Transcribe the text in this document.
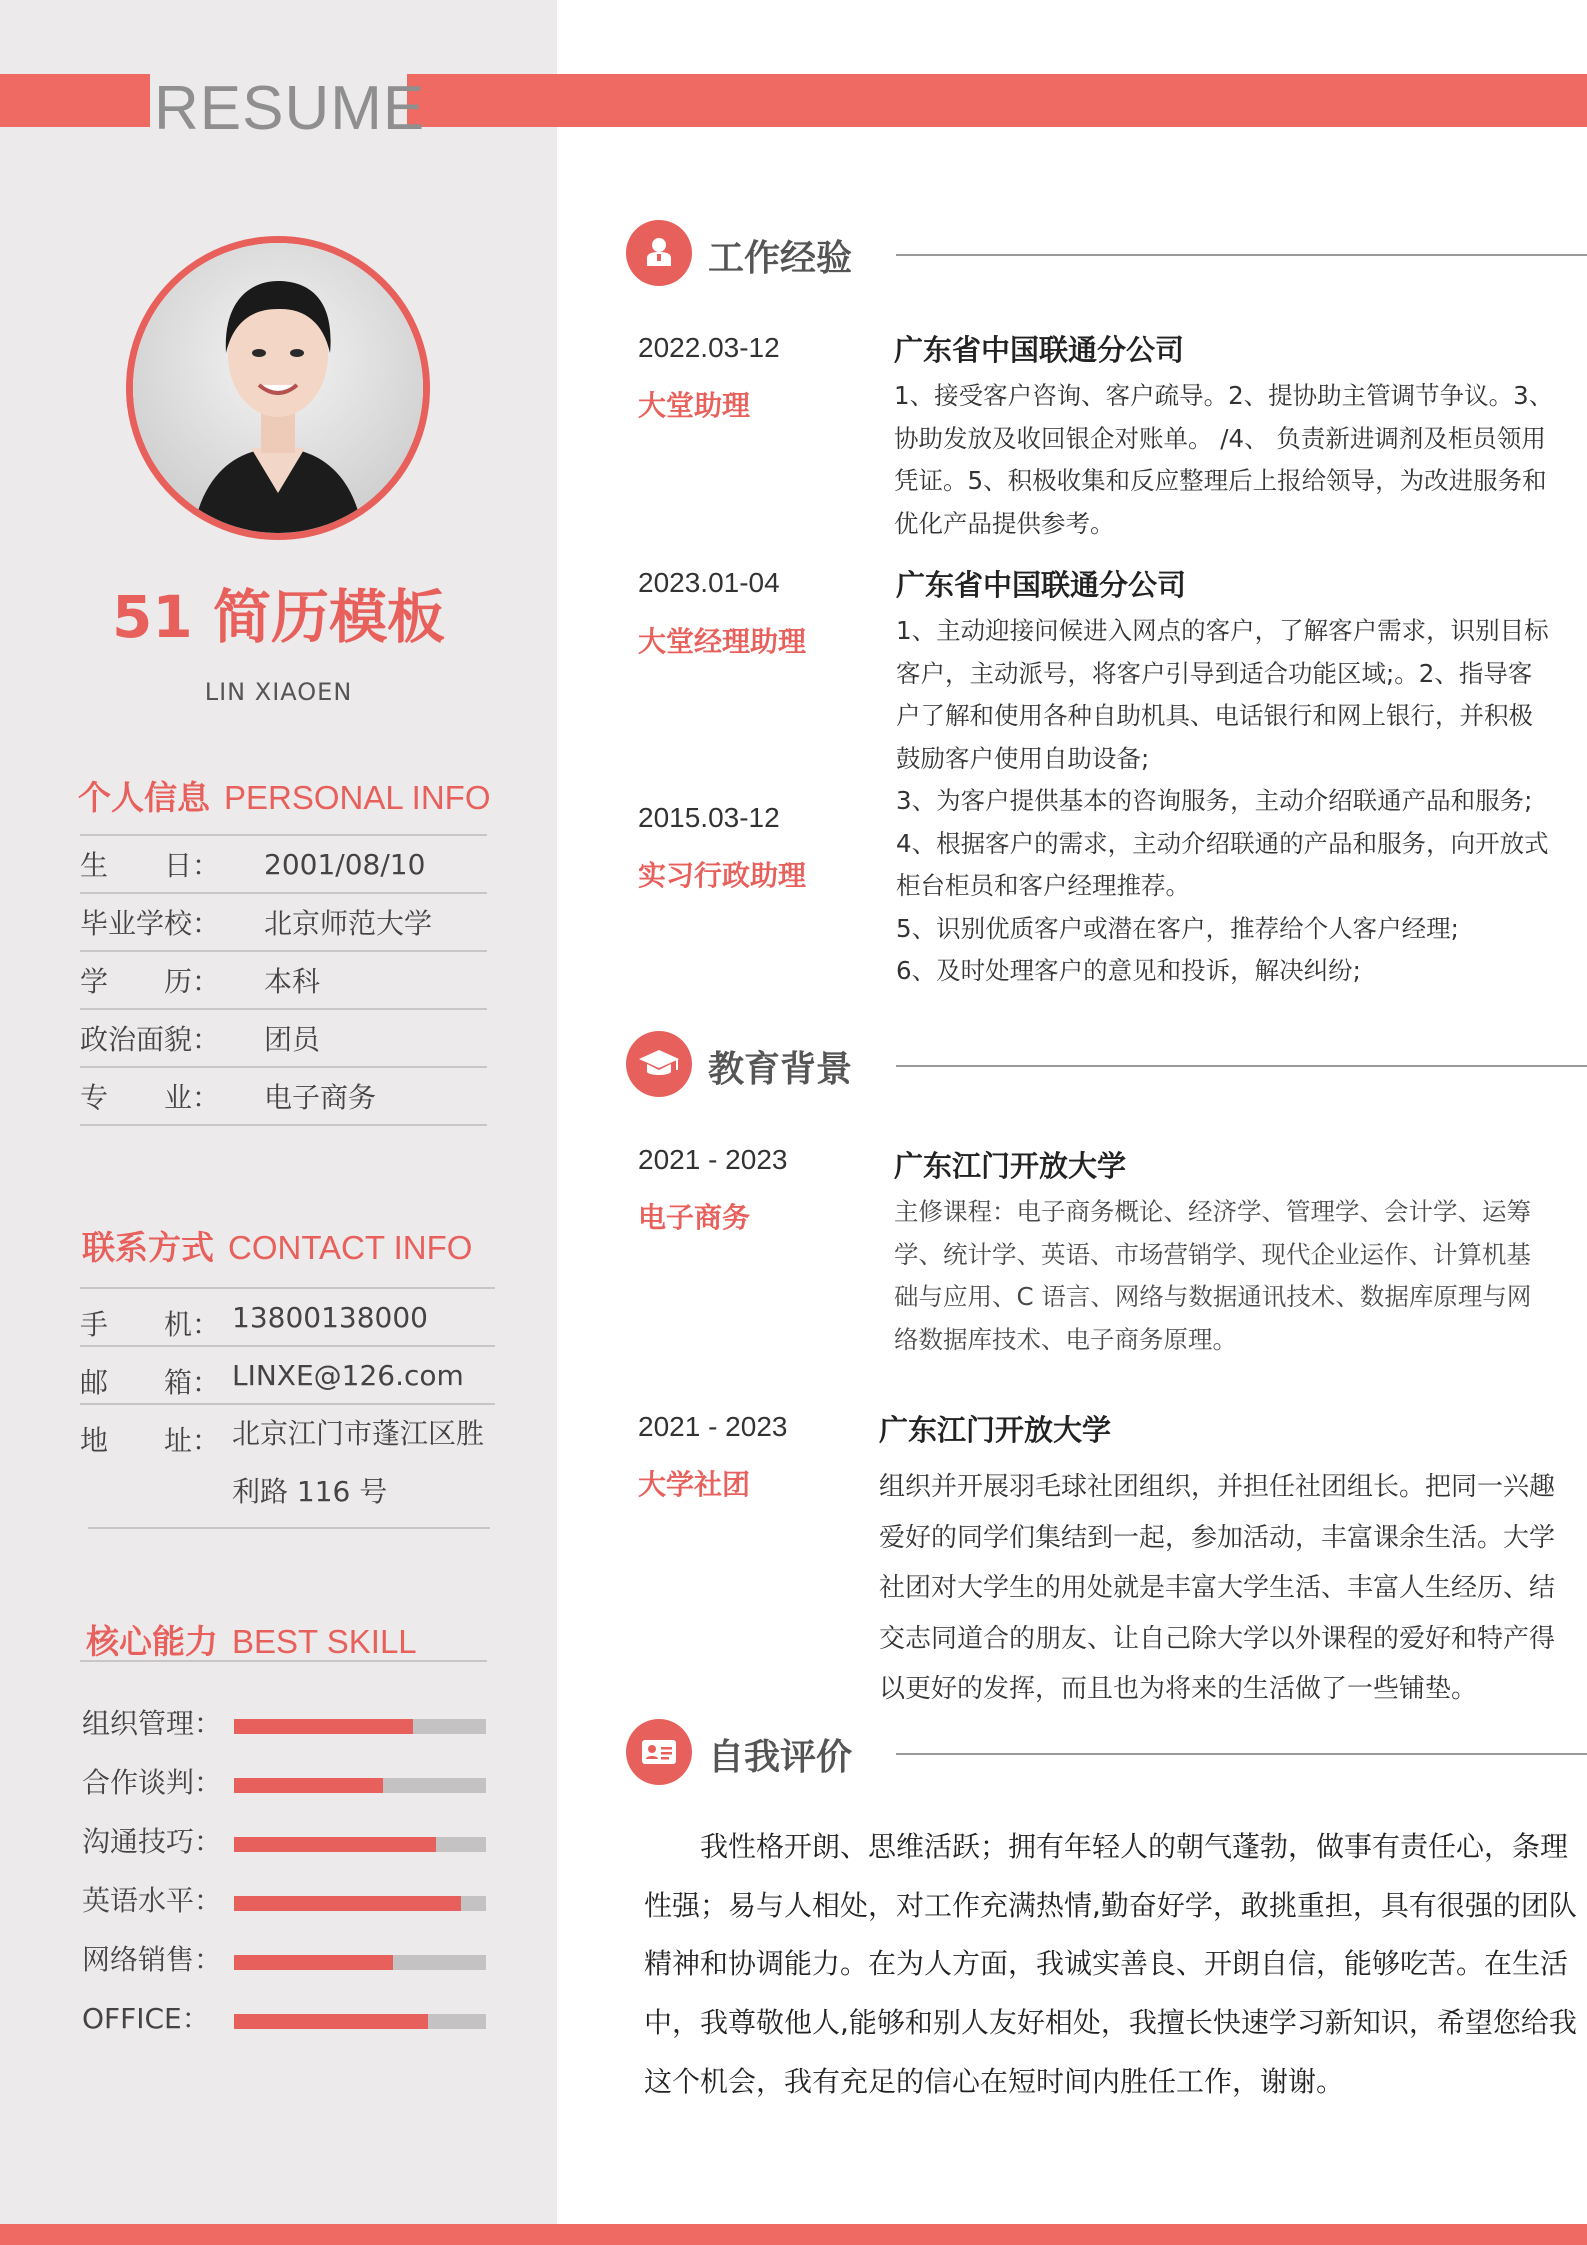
RESUME
51 简历模板
LIN XIAOEN
个人信息 PERSONAL INFO
生　　日： 2001/08/10
毕业学校： 北京师范大学
学　　历： 本科
政治面貌： 团员
专　　业： 电子商务
联系方式 CONTACT INFO
手　　机： 13800138000
邮　　箱： LINXE@126.com
地　　址： 北京江门市蓬江区胜
利路 116 号
核心能力 BEST SKILL
组织管理：
合作谈判：
沟通技巧：
英语水平：
网络销售：
OFFICE：
工作经验
2022.03-12
大堂助理
广东省中国联通分公司

1、接受客户咨询、客户疏导。2、提协助主管调节争议。3、

协助发放及收回银企对账单。 /4、 负责新进调剂及柜员领用

凭证。5、积极收集和反应整理后上报给领导，为改进服务和

优化产品提供参考。

2023.01-04
大堂经理助理
广东省中国联通分公司

1、主动迎接问候进入网点的客户，了解客户需求，识别目标

客户，主动派号，将客户引导到适合功能区域;。2、指导客

户了解和使用各种自助机具、电话银行和网上银行，并积极

鼓励客户使用自助设备;

3、为客户提供基本的咨询服务，主动介绍联通产品和服务;

4、根据客户的需求，主动介绍联通的产品和服务，向开放式

柜台柜员和客户经理推荐。

5、识别优质客户或潜在客户，推荐给个人客户经理;

6、及时处理客户的意见和投诉，解决纠纷;

2015.03-12
实习行政助理
教育背景
2021 - 2023
电子商务
广东江门开放大学

主修课程：电子商务概论、经济学、管理学、会计学、运筹

学、统计学、英语、市场营销学、现代企业运作、计算机基

础与应用、C 语言、网络与数据通讯技术、数据库原理与网

络数据库技术、电子商务原理。

2021 - 2023
大学社团
广东江门开放大学

组织并开展羽毛球社团组织，并担任社团组长。把同一兴趣

爱好的同学们集结到一起，参加活动，丰富课余生活。大学

社团对大学生的用处就是丰富大学生活、丰富人生经历、结

交志同道合的朋友、让自己除大学以外课程的爱好和特产得

以更好的发挥，而且也为将来的生活做了一些铺垫。

自我评价

　　我性格开朗、思维活跃；拥有年轻人的朝气蓬勃，做事有责任心，条理

性强；易与人相处，对工作充满热情,勤奋好学，敢挑重担，具有很强的团队

精神和协调能力。在为人方面，我诚实善良、开朗自信，能够吃苦。在生活

中，我尊敬他人,能够和别人友好相处，我擅长快速学习新知识，希望您给我

这个机会，我有充足的信心在短时间内胜任工作，谢谢。
